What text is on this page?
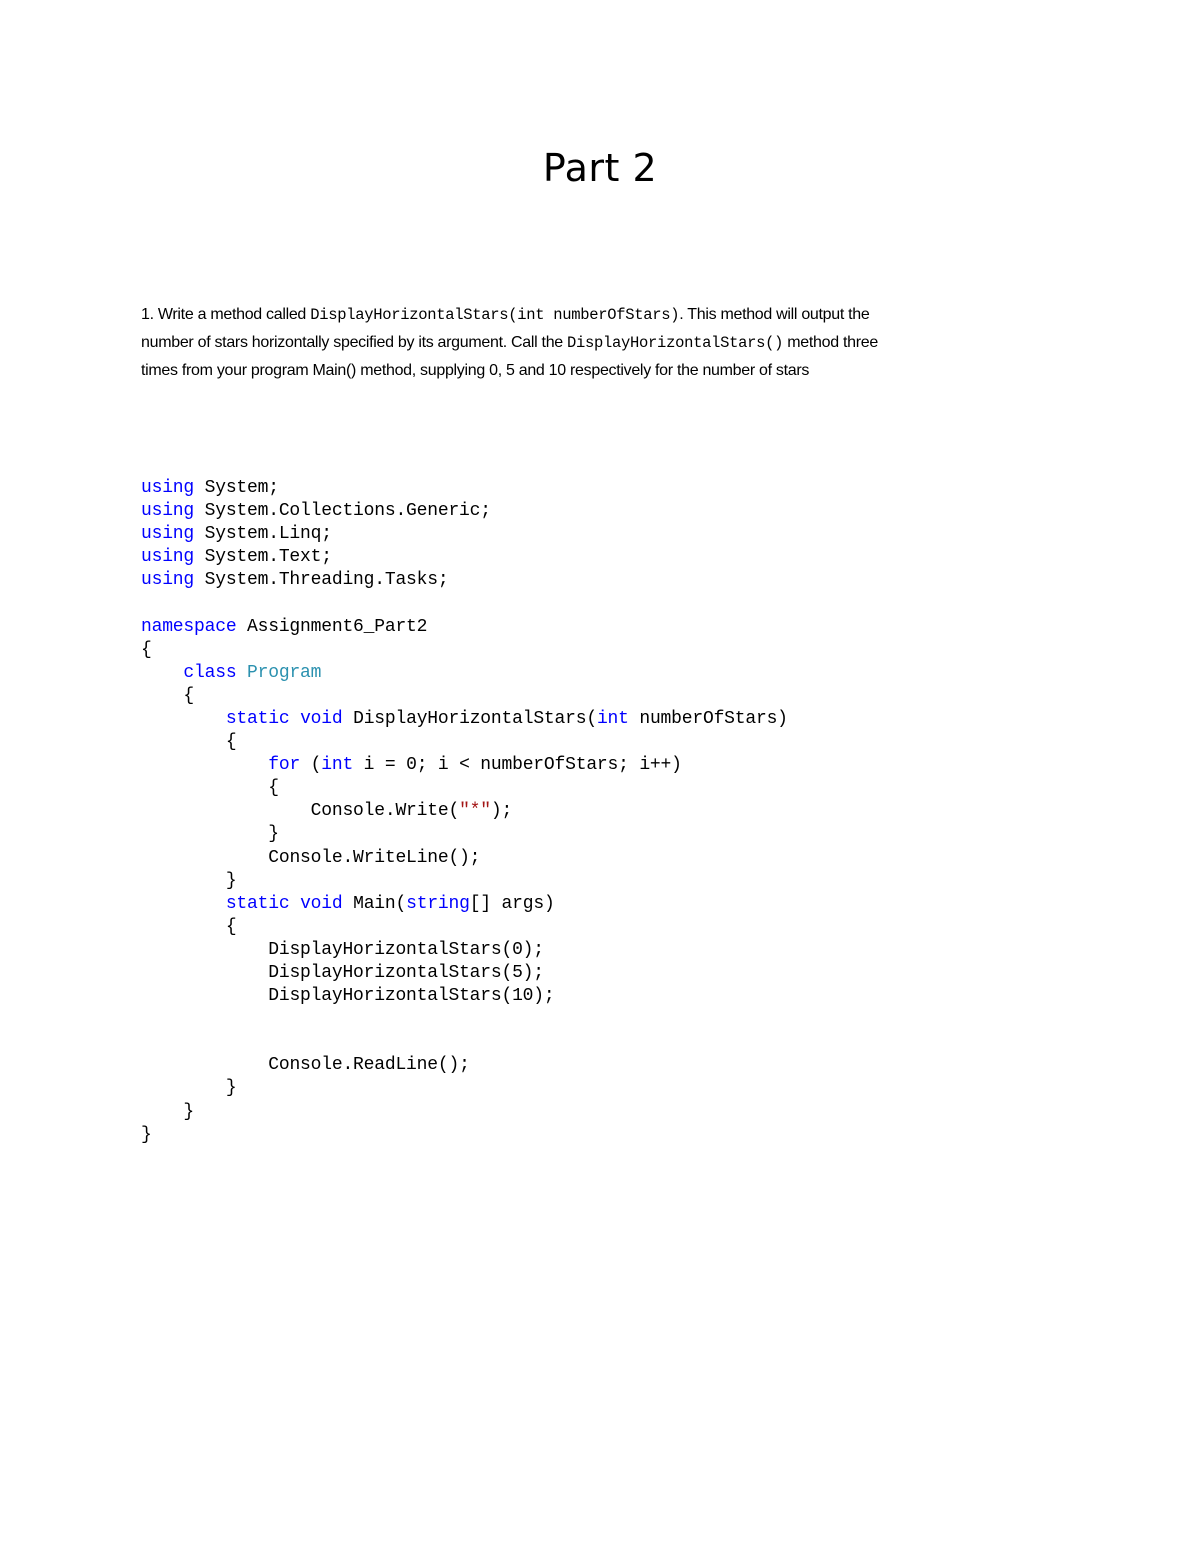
Part 2
1. Write a method called DisplayHorizontalStars(int numberOfStars). This method will output the
number of stars horizontally specified by its argument. Call the DisplayHorizontalStars() method three
times from your program Main() method, supplying 0, 5 and 10 respectively for the number of stars
using System;
using System.Collections.Generic;
using System.Linq;
using System.Text;
using System.Threading.Tasks;
namespace Assignment6_Part2
{
class Program
{
static void DisplayHorizontalStars(int numberOfStars)
{
for (int i = 0; i < numberOfStars; i++)
{
Console.Write("*");
}
Console.WriteLine();
}
static void Main(string[] args)
{
DisplayHorizontalStars(0);
DisplayHorizontalStars(5);
DisplayHorizontalStars(10);
Console.ReadLine();
}
}
}
